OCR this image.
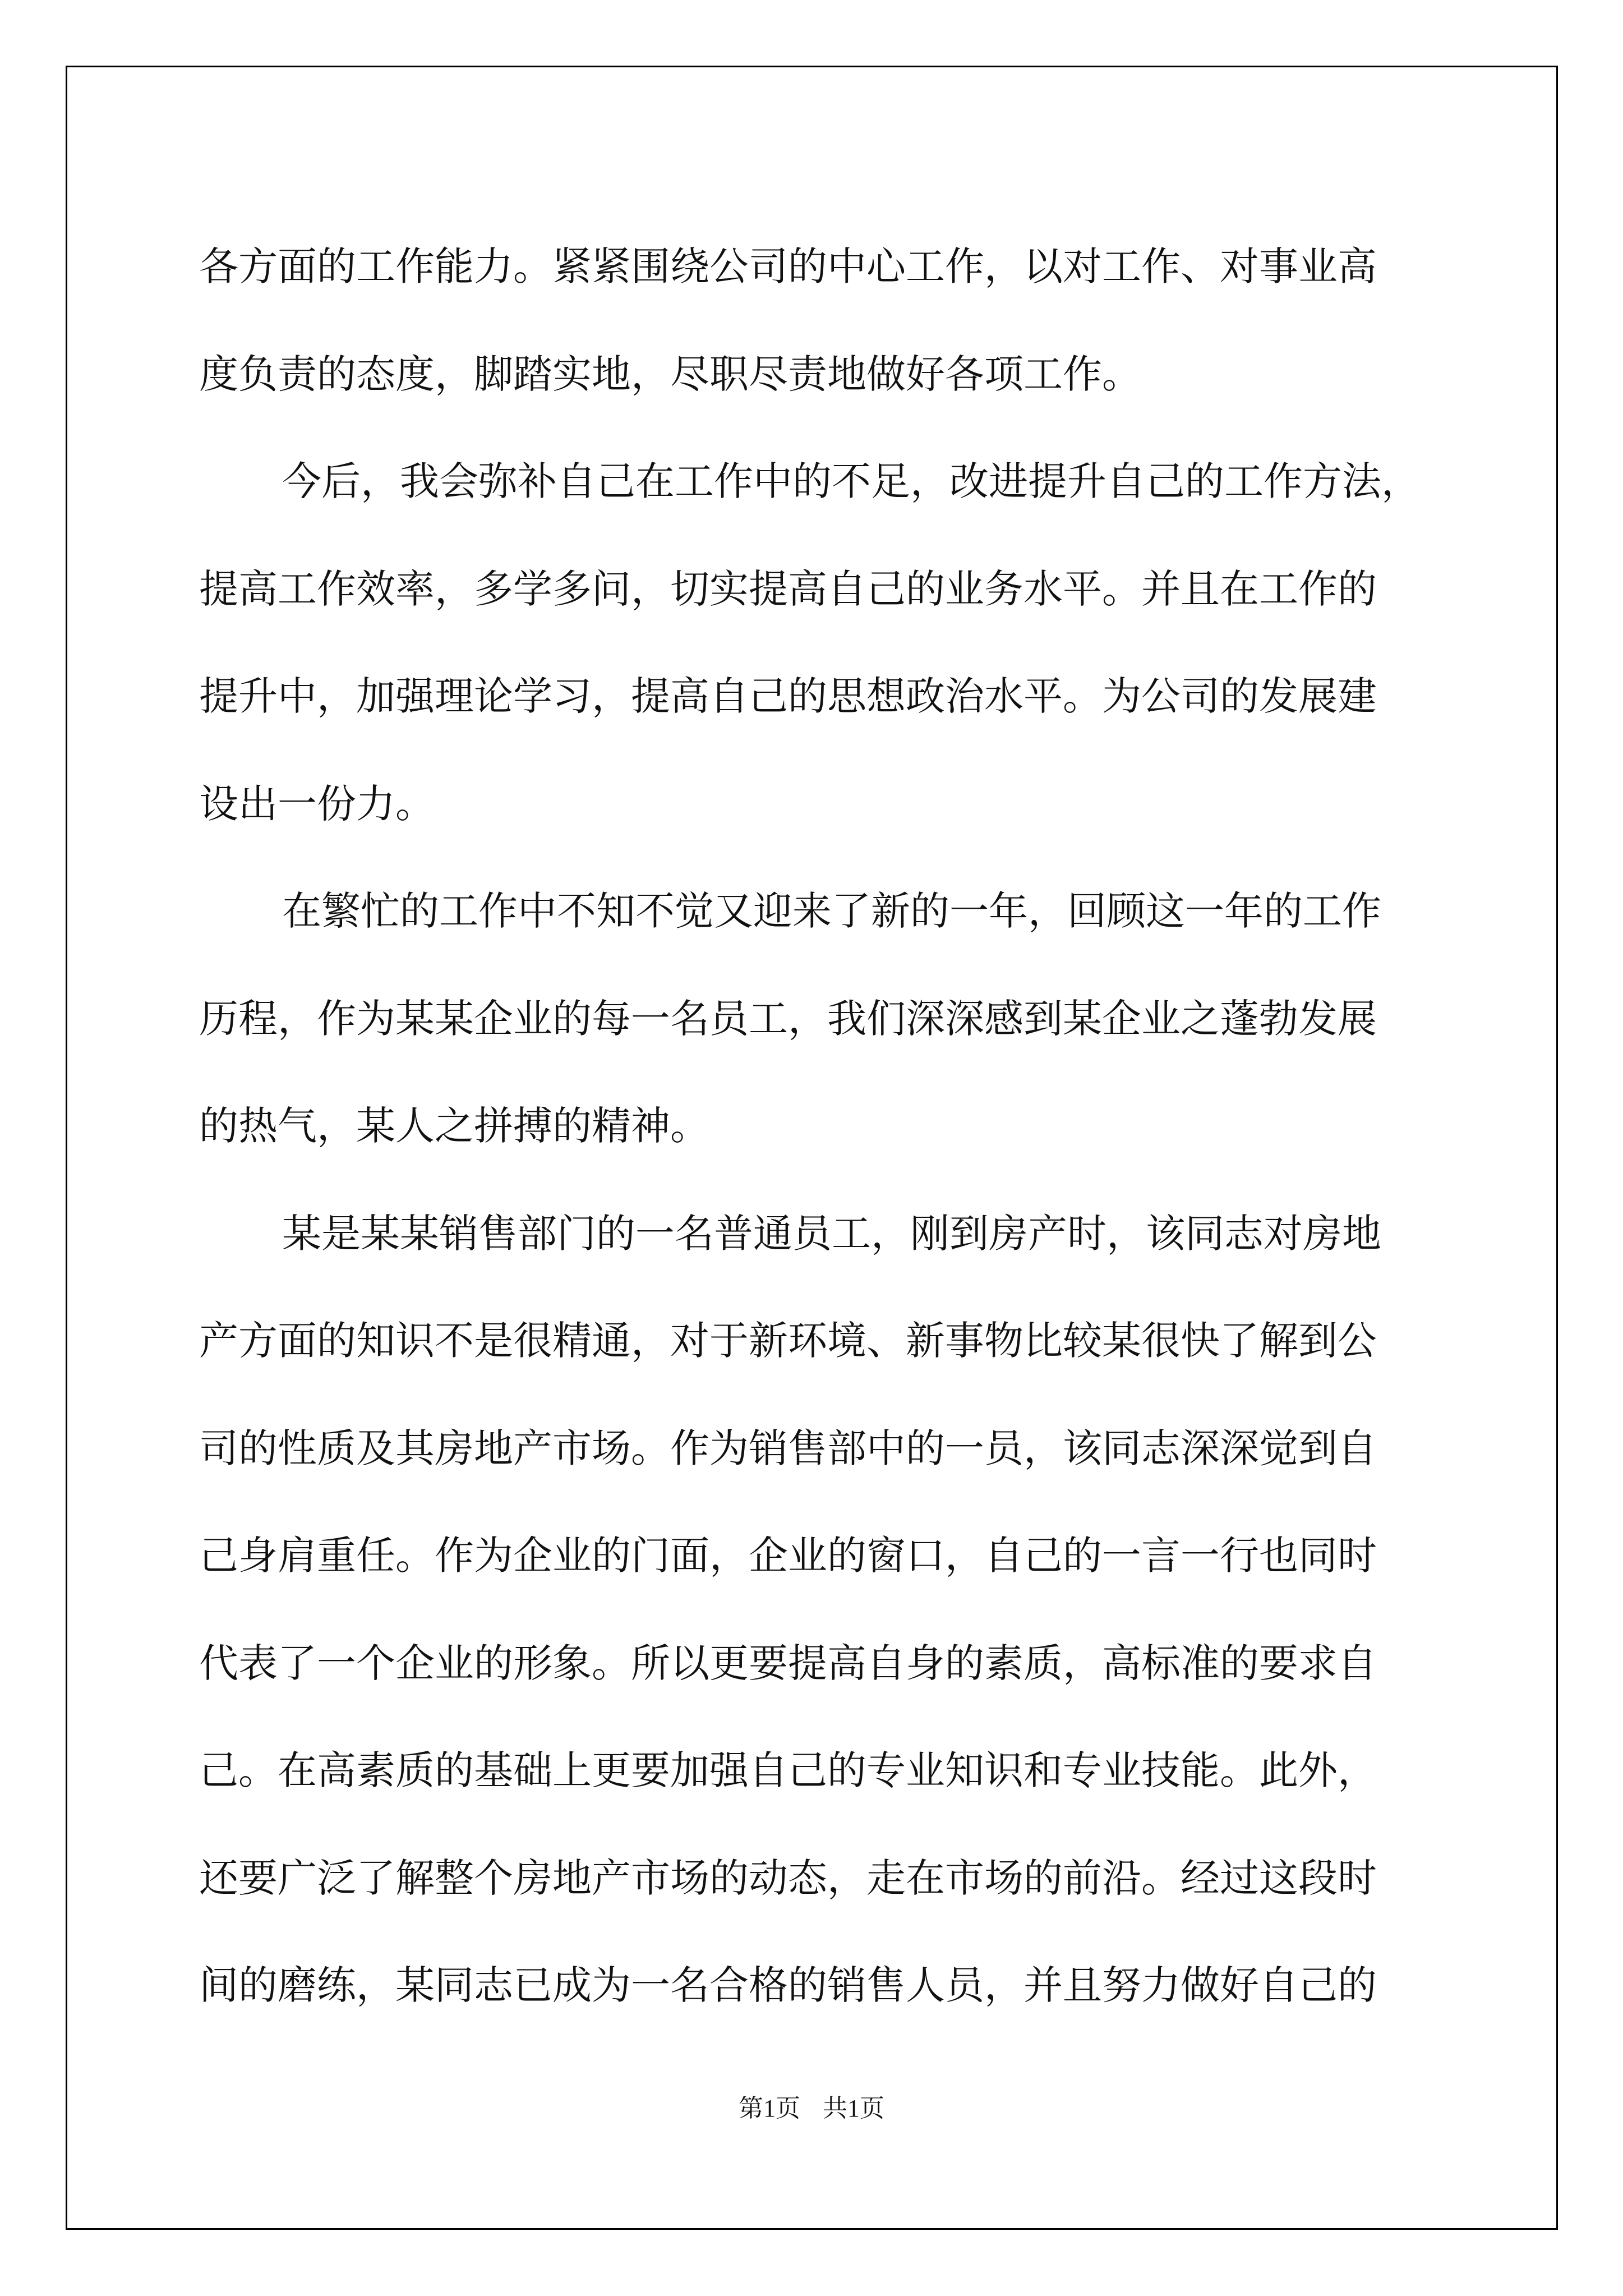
各方面的工作能力。紧紧围绕公司的中心工作，以对工作、对事业高
度负责的态度，脚踏实地，尽职尽责地做好各项工作。
今后，我会弥补自己在工作中的不足，改进提升自己的工作方法，
提高工作效率，多学多问，切实提高自己的业务水平。并且在工作的
提升中，加强理论学习，提高自己的思想政治水平。为公司的发展建
设出一份力。
在繁忙的工作中不知不觉又迎来了新的一年，回顾这一年的工作
历程，作为某某企业的每一名员工，我们深深感到某企业之蓬勃发展
的热气，某人之拼搏的精神。
某是某某销售部门的一名普通员工，刚到房产时，该同志对房地
产方面的知识不是很精通，对于新环境、新事物比较某很快了解到公
司的性质及其房地产市场。作为销售部中的一员，该同志深深觉到自
己身肩重任。作为企业的门面，企业的窗口，自己的一言一行也同时
代表了一个企业的形象。所以更要提高自身的素质，高标准的要求自
己。在高素质的基础上更要加强自己的专业知识和专业技能。此外，
还要广泛了解整个房地产市场的动态，走在市场的前沿。经过这段时
间的磨练，某同志已成为一名合格的销售人员，并且努力做好自己的
第1页 共1页
